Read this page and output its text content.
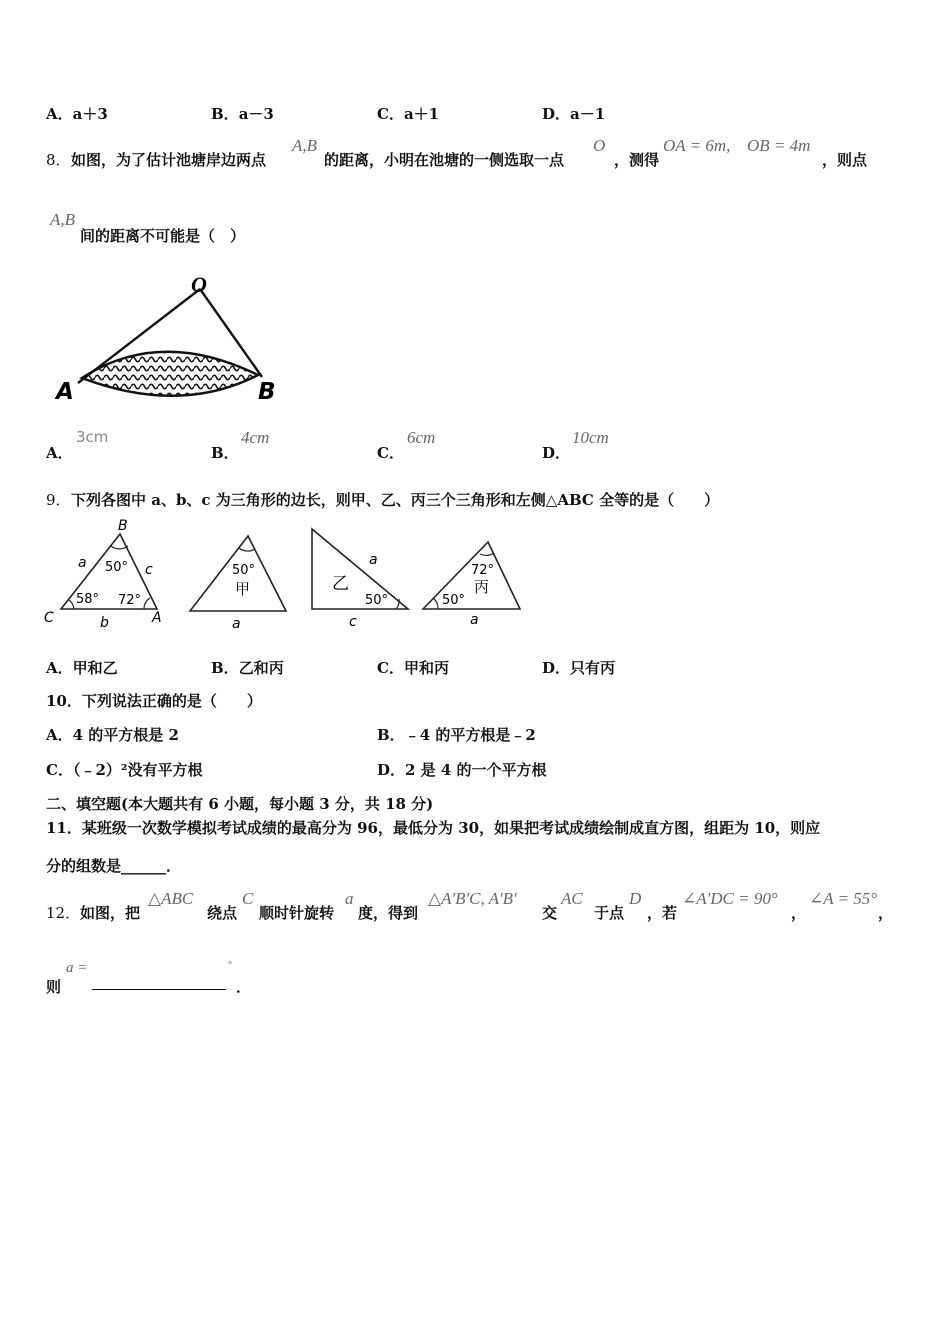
A．a＋3	B．a－3	C．a＋1	D．a－1
8． 如图，为了估计池塘岸边两点
A,B
的距离，小明在池塘的一侧选取一点
O
，测得
OA = 6m, OB = 4m
，则点
A,B
间的距离不可能是（　）
O
A	B
A．
3cm
B．
4cm
C．
6cm
D．
10cm
9． 下列各图中 a、b、c 为三角形的边长，则甲、乙、丙三个三角形和左侧△ABC 全等的是（　　）
B
C	A
a	c
b
50°
58° 72°
50°
甲
a
乙
a
50°
c
72°
丙
50°
a
A．甲和乙	B．乙和丙	C．甲和丙	D．只有丙
10．下列说法正确的是（　　）
A．4 的平方根是 2	B．﹣4 的平方根是﹣2
C．（﹣2）²没有平方根	D．2 是 4 的一个平方根
二、填空题(本大题共有 6 小题，每小题 3 分，共 18 分)
11．某班级一次数学模拟考试成绩的最高分为 96，最低分为 30，如果把考试成绩绘制成直方图，组距为 10，则应
分的组数是______．
12． 如图，把
△ABC
绕点
C
顺时针旋转
a
度，得到
△A'B'C, A'B'
交
AC
于点
D
，若
∠A'DC = 90°
，
∠A = 55°
，
则
a =	°
．
